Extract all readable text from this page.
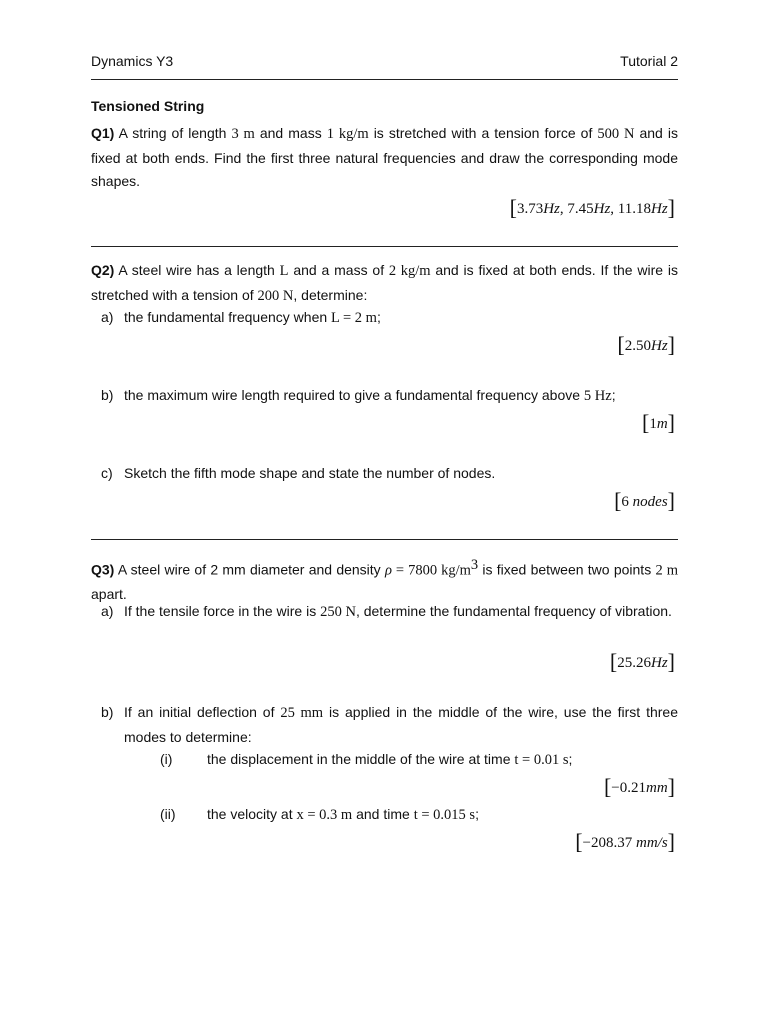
Dynamics Y3	Tutorial 2
Tensioned String
Q1) A string of length 3 m and mass 1 kg/m is stretched with a tension force of 500 N and is fixed at both ends. Find the first three natural frequencies and draw the corresponding mode shapes.
[3.73Hz, 7.45Hz, 11.18Hz]
Q2) A steel wire has a length L and a mass of 2 kg/m and is fixed at both ends. If the wire is stretched with a tension of 200 N, determine:
a) the fundamental frequency when L = 2 m;
[2.50Hz]
b) the maximum wire length required to give a fundamental frequency above 5 Hz;
[1m]
c) Sketch the fifth mode shape and state the number of nodes.
[6 nodes]
Q3) A steel wire of 2 mm diameter and density ρ = 7800 $kg/m^3$ is fixed between two points 2 m apart.
a) If the tensile force in the wire is 250 N, determine the fundamental frequency of vibration.
[25.26Hz]
b) If an initial deflection of 25 mm is applied in the middle of the wire, use the first three modes to determine:
(i) the displacement in the middle of the wire at time t = 0.01 s;
[−0.21mm]
(ii) the velocity at x = 0.3 m and time t = 0.015 s;
[−208.37 mm/s]
